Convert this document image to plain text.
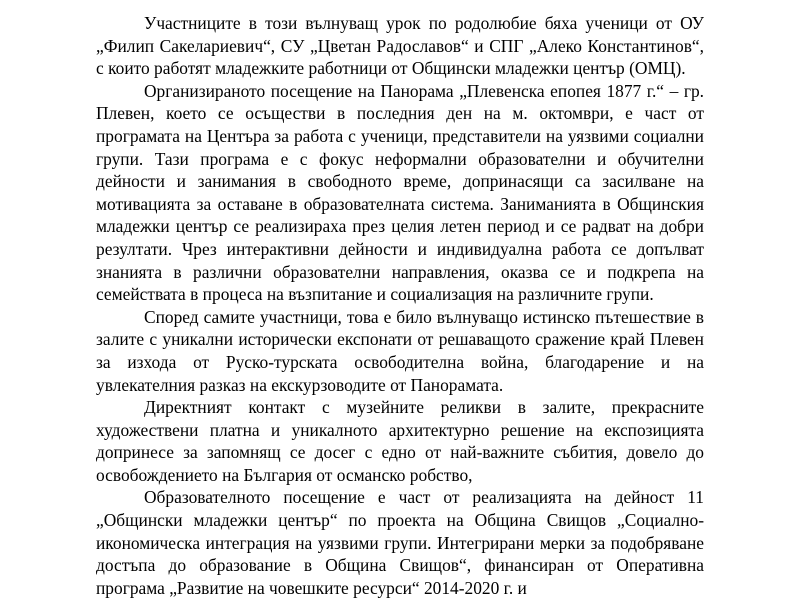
Участниците в този вълнуващ урок по родолюбие бяха ученици от ОУ „Филип Сакелариевич“, СУ „Цветан Радославов“ и СПГ „Алеко Константинов“, с които работят младежките работници от Общински младежки център (ОМЦ).

Организираното посещение на Панорама „Плевенска епопея 1877 г.“ – гр. Плевен, което се осъществи в последния ден на м. октомври, е част от програмата на Центъра за работа с ученици, представители на уязвими социални групи. Тази програма е с фокус неформални образователни и обучителни дейности и занимания в свободното време, допринасящи са засилване на мотивацията за оставане в образователната система. Заниманията в Общинския младежки център се реализираха през целия летен период и се радват на добри резултати. Чрез интерактивни дейности и индивидуална работа се допълват знанията в различни образователни направления, оказва се и подкрепа на семействата в процеса на възпитание и социализация на различните групи.

Според самите участници, това е било вълнуващо истинско пътешествие в залите с уникални исторически експонати от решаващото сражение край Плевен за изхода от Руско-турската освободителна война, благодарение и на увлекателния разказ на екскурзоводите от Панорамата.

Директният контакт с музейните реликви в залите, прекрасните художествени платна и уникалното архитектурно решение на експозицията допринесе за запомнящ се досег с едно от най-важните събития, довело до освобождението на България от османско робство,

Образователното посещение е част от реализацията на дейност 11 „Общински младежки център“ по проекта на Община Свищов „Социално-икономическа интеграция на уязвими групи. Интегрирани мерки за подобряване достъпа до образование в Община Свищов“, финансиран от Оперативна програма „Развитие на човешките ресурси“ 2014-2020 г. и
